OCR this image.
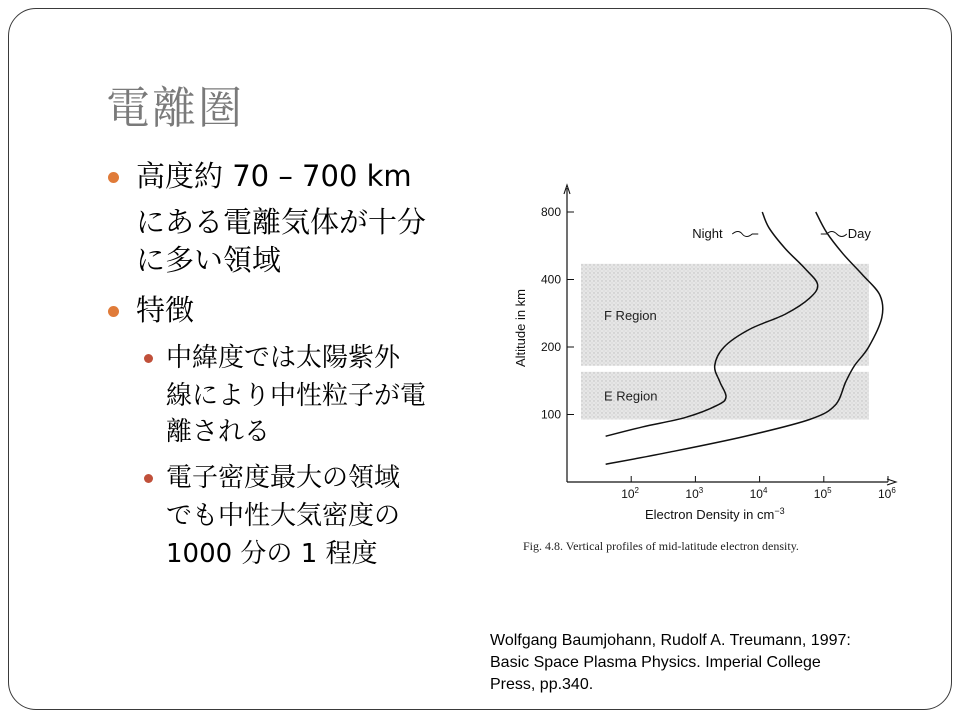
電離圏
高度約 70 – 700 km
にある電離気体が十分
に多い領域
特徴
中緯度では太陽紫外
線により中性粒子が電
離される
電子密度最大の領域
でも中性大気密度の
1000 分の 1 程度
F Region
E Region
$10^2$	$10^3$	$10^4$	$10^5$	$10^6$
100
200
400
800
Electron Density in $cm^{-3}$
Altitude in km
Fig. 4.8. Vertical profiles of mid-latitude electron density.
Night	Day
Wolfgang Baumjohann, Rudolf A. Treumann, 1997:
Basic Space Plasma Physics. Imperial College
Press, pp.340.
